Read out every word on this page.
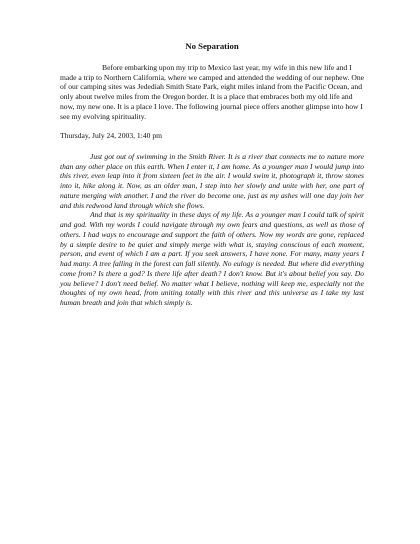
No Separation

Before embarking upon my trip to Mexico last year, my wife in this new life and I made a trip to Northern California, where we camped and attended the wedding of our nephew. One of our camping sites was Jedediah Smith State Park, eight miles inland from the Pacific Ocean, and only about twelve miles from the Oregon border. It is a place that embraces both my old life and now, my new one. It is a place I love. The following journal piece offers another glimpse into how I see my evolving spirituality.

Thursday, July 24, 2003, 1:40 pm

Just got out of swimming in the Smith River. It is a river that connects me to nature more than any other place on this earth. When I enter it, I am home. As a younger man I would jump into this river, even leap into it from sixteen feet in the air. I would swim it, photograph it, throw stones into it, hike along it. Now, as an older man, I step into her slowly and unite with her, one part of nature merging with another. I and the river do become one, just as my ashes will one day join her and this redwood land through which she flows.

And that is my spirituality in these days of my life. As a younger man I could talk of spirit and god. With my words I could navigate through my own fears and questions, as well as those of others. I had ways to encourage and support the faith of others. Now my words are gone, replaced by a simple desire to be quiet and simply merge with what is, staying conscious of each moment, person, and event of which I am a part. If you seek answers, I have none. For many, many years I had many. A tree falling in the forest can fall silently. No eulogy is needed. But where did everything come from? Is there a god? Is there life after death? I don't know. But it's about belief you say. Do you believe? I don't need belief. No matter what I believe, nothing will keep me, especially not the thoughts of my own head, from uniting totally with this river and this universe as I take my last human breath and join that which simply is.
